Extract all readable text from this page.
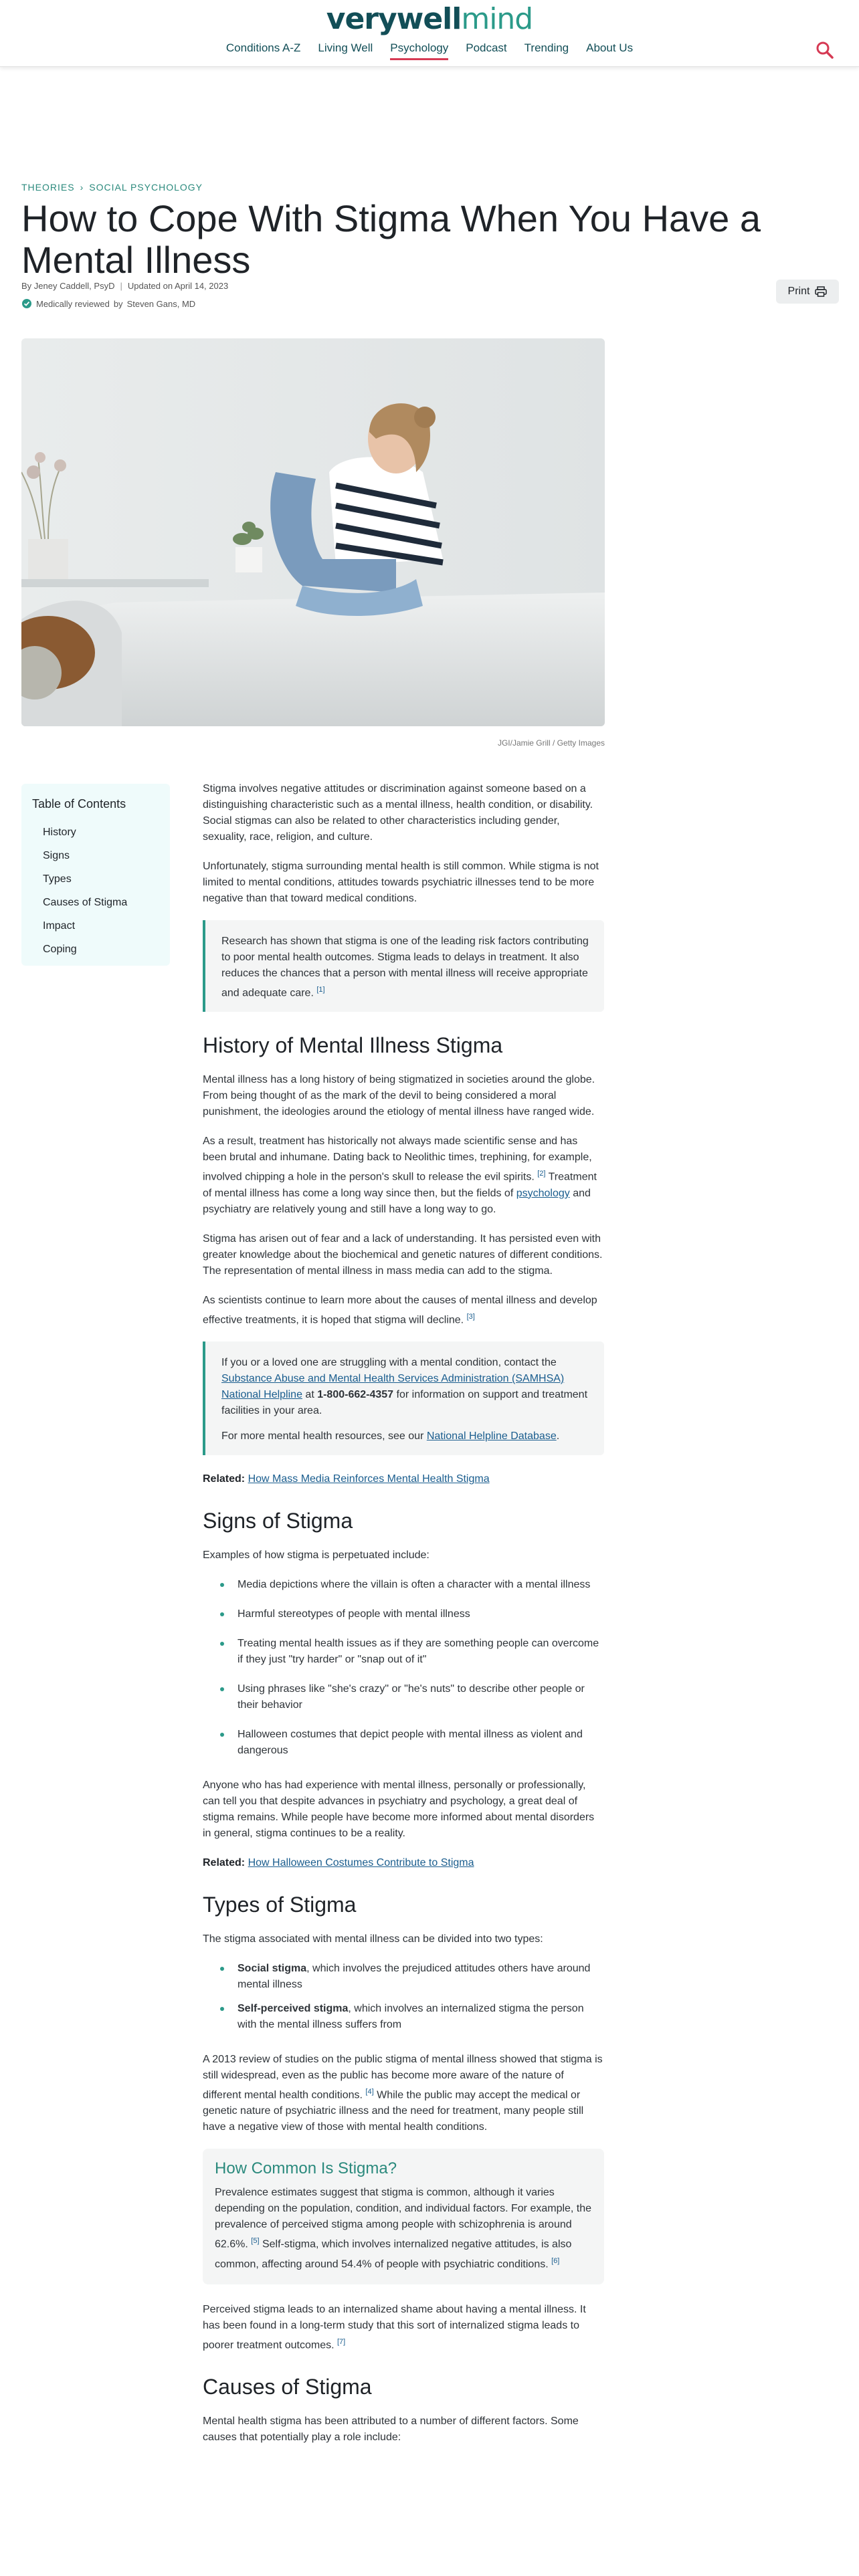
verywellmind
Conditions A-Z Living Well Psychology Podcast Trending About Us
THEORIES › SOCIAL PSYCHOLOGY
How to Cope With Stigma When You Have a Mental Illness
By Jeney Caddell, PsyD | Updated on April 14, 2023
Medically reviewed by Steven Gans, MD
Print
JGI/Jamie Grill / Getty Images
Table of Contents
History
Signs
Types
Causes of Stigma
Impact
Coping

Stigma involves negative attitudes or discrimination against someone based on a distinguishing characteristic such as a mental illness, health condition, or disability. Social stigmas can also be related to other characteristics including gender, sexuality, race, religion, and culture.

Unfortunately, stigma surrounding mental health is still common. While stigma is not limited to mental conditions, attitudes towards psychiatric illnesses tend to be more negative than that toward medical conditions.

Research has shown that stigma is one of the leading risk factors contributing to poor mental health outcomes. Stigma leads to delays in treatment. It also reduces the chances that a person with mental illness will receive appropriate and adequate care. [1]

History of Mental Illness Stigma

Mental illness has a long history of being stigmatized in societies around the globe. From being thought of as the mark of the devil to being considered a moral punishment, the ideologies around the etiology of mental illness have ranged wide.

As a result, treatment has historically not always made scientific sense and has been brutal and inhumane. Dating back to Neolithic times, trephining, for example, involved chipping a hole in the person's skull to release the evil spirits. [2] Treatment of mental illness has come a long way since then, but the fields of psychology and psychiatry are relatively young and still have a long way to go.

Stigma has arisen out of fear and a lack of understanding. It has persisted even with greater knowledge about the biochemical and genetic natures of different conditions. The representation of mental illness in mass media can add to the stigma.

As scientists continue to learn more about the causes of mental illness and develop effective treatments, it is hoped that stigma will decline. [3]

If you or a loved one are struggling with a mental condition, contact the Substance Abuse and Mental Health Services Administration (SAMHSA) National Helpline at 1-800-662-4357 for information on support and treatment facilities in your area.

For more mental health resources, see our National Helpline Database.

Related: How Mass Media Reinforces Mental Health Stigma

Signs of Stigma

Examples of how stigma is perpetuated include:

Media depictions where the villain is often a character with a mental illness
Harmful stereotypes of people with mental illness
Treating mental health issues as if they are something people can overcome if they just "try harder" or "snap out of it"
Using phrases like "she's crazy" or "he's nuts" to describe other people or their behavior
Halloween costumes that depict people with mental illness as violent and dangerous

Anyone who has had experience with mental illness, personally or professionally, can tell you that despite advances in psychiatry and psychology, a great deal of stigma remains. While people have become more informed about mental disorders in general, stigma continues to be a reality.

Related: How Halloween Costumes Contribute to Stigma

Types of Stigma

The stigma associated with mental illness can be divided into two types:

Social stigma, which involves the prejudiced attitudes others have around mental illness
Self-perceived stigma, which involves an internalized stigma the person with the mental illness suffers from

A 2013 review of studies on the public stigma of mental illness showed that stigma is still widespread, even as the public has become more aware of the nature of different mental health conditions. [4] While the public may accept the medical or genetic nature of psychiatric illness and the need for treatment, many people still have a negative view of those with mental health conditions.

How Common Is Stigma?

Prevalence estimates suggest that stigma is common, although it varies depending on the population, condition, and individual factors. For example, the prevalence of perceived stigma among people with schizophrenia is around 62.6%. [5] Self-stigma, which involves internalized negative attitudes, is also common, affecting around 54.4% of people with psychiatric conditions. [6]

Perceived stigma leads to an internalized shame about having a mental illness. It has been found in a long-term study that this sort of internalized stigma leads to poorer treatment outcomes. [7]

Causes of Stigma

Mental health stigma has been attributed to a number of different factors. Some causes that potentially play a role include:
